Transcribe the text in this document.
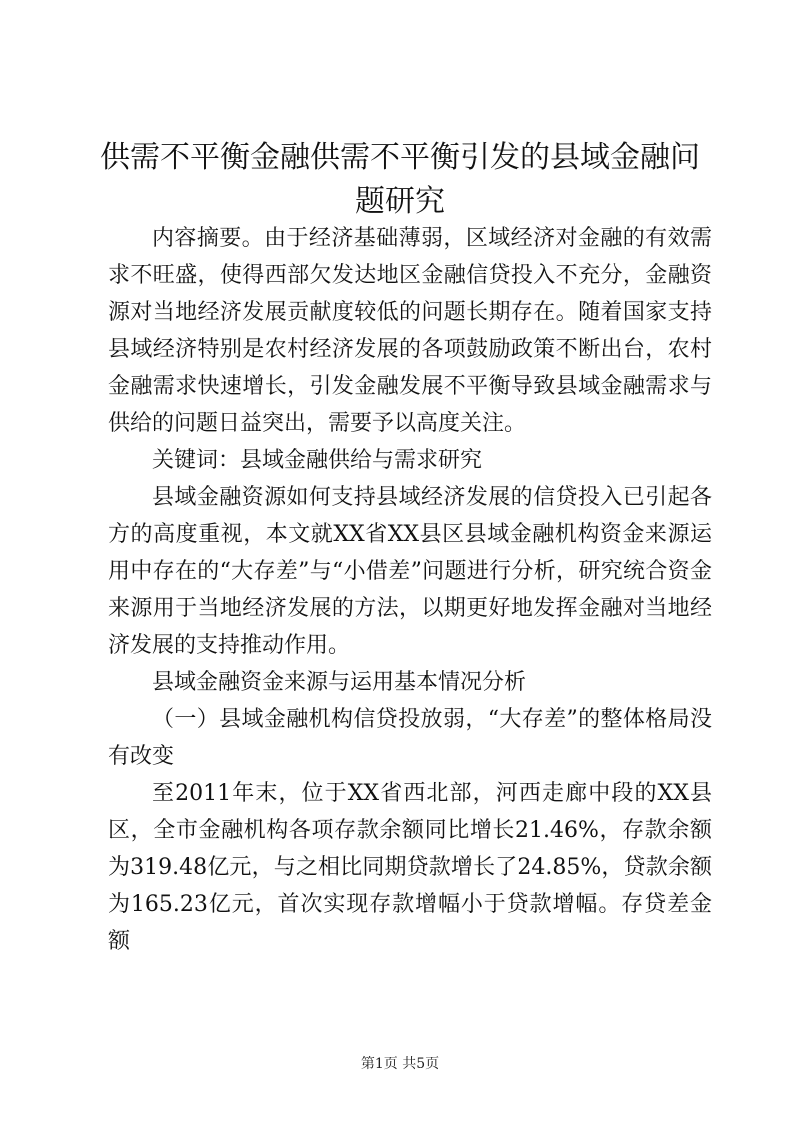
供需不平衡金融供需不平衡引发的县域金融问题研究

内容摘要。由于经济基础薄弱，区域经济对金融的有效需求不旺盛，使得西部欠发达地区金融信贷投入不充分，金融资源对当地经济发展贡献度较低的问题长期存在。随着国家支持县域经济特别是农村经济发展的各项鼓励政策不断出台，农村金融需求快速增长，引发金融发展不平衡导致县域金融需求与供给的问题日益突出，需要予以高度关注。

关键词：县域金融供给与需求研究

县域金融资源如何支持县域经济发展的信贷投入已引起各方的高度重视，本文就XX省XX县区县域金融机构资金来源运用中存在的“大存差”与“小借差”问题进行分析，研究统合资金来源用于当地经济发展的方法，以期更好地发挥金融对当地经济发展的支持推动作用。

县域金融资金来源与运用基本情况分析

（一）县域金融机构信贷投放弱，“大存差”的整体格局没有改变

至2011年末，位于XX省西北部，河西走廊中段的XX县区，全市金融机构各项存款余额同比增长21.46%，存款余额为319.48亿元，与之相比同期贷款增长了24.85%，贷款余额为165.23亿元，首次实现存款增幅小于贷款增幅。存贷差金额

第1页 共5页
